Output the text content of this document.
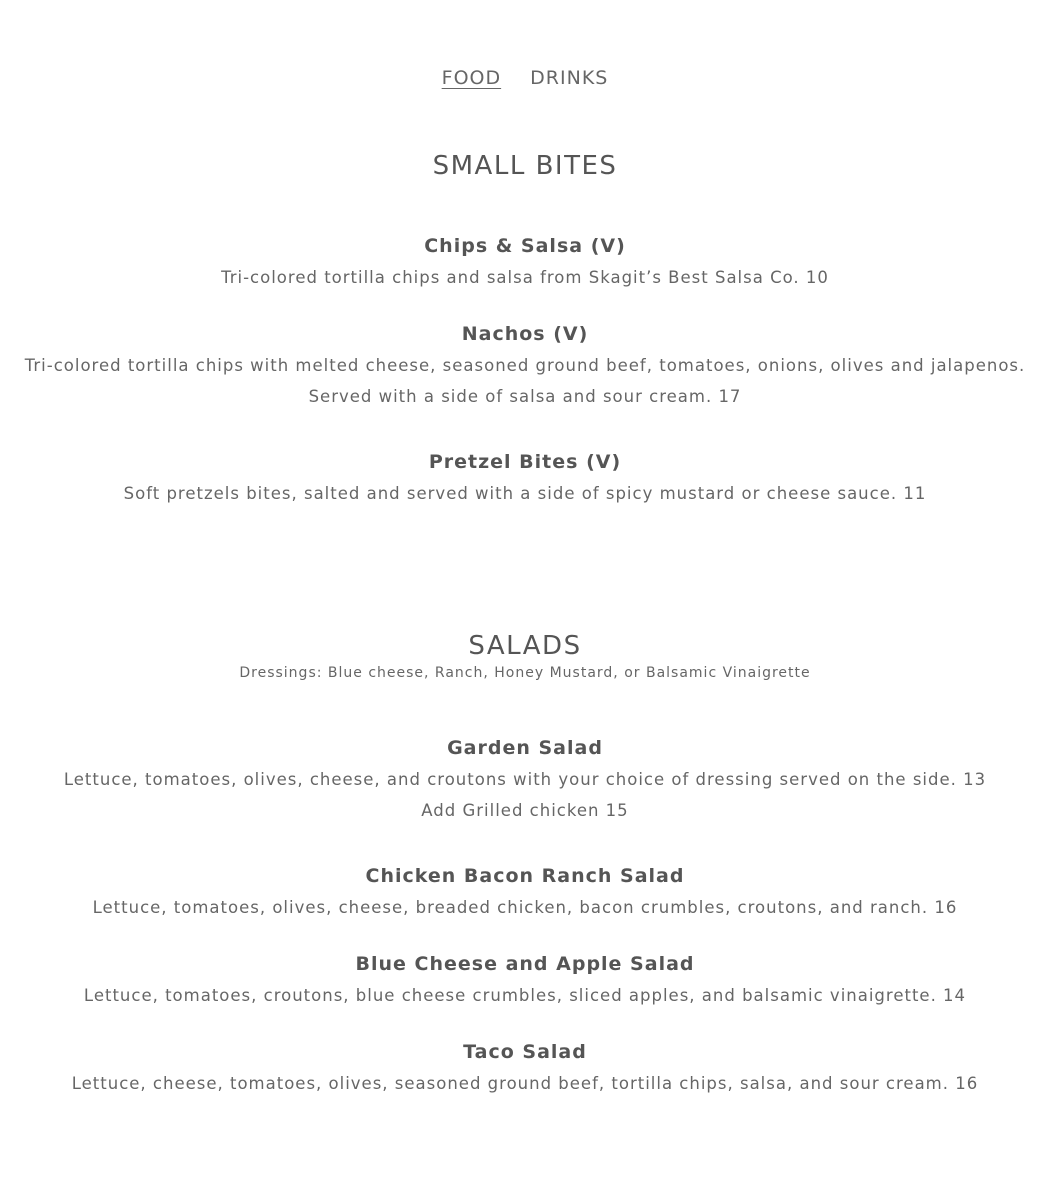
FOOD DRINKS
SMALL BITES
Chips & Salsa (V)
Tri-colored tortilla chips and salsa from Skagit’s Best Salsa Co. 10
Nachos (V)
Tri-colored tortilla chips with melted cheese, seasoned ground beef, tomatoes, onions, olives and jalapenos.
Served with a side of salsa and sour cream. 17
Pretzel Bites (V)
Soft pretzels bites, salted and served with a side of spicy mustard or cheese sauce. 11
SALADS
Dressings: Blue cheese, Ranch, Honey Mustard, or Balsamic Vinaigrette
Garden Salad
Lettuce, tomatoes, olives, cheese, and croutons with your choice of dressing served on the side. 13
Add Grilled chicken 15
Chicken Bacon Ranch Salad
Lettuce, tomatoes, olives, cheese, breaded chicken, bacon crumbles, croutons, and ranch. 16
Blue Cheese and Apple Salad
Lettuce, tomatoes, croutons, blue cheese crumbles, sliced apples, and balsamic vinaigrette. 14
Taco Salad
Lettuce, cheese, tomatoes, olives, seasoned ground beef, tortilla chips, salsa, and sour cream. 16
